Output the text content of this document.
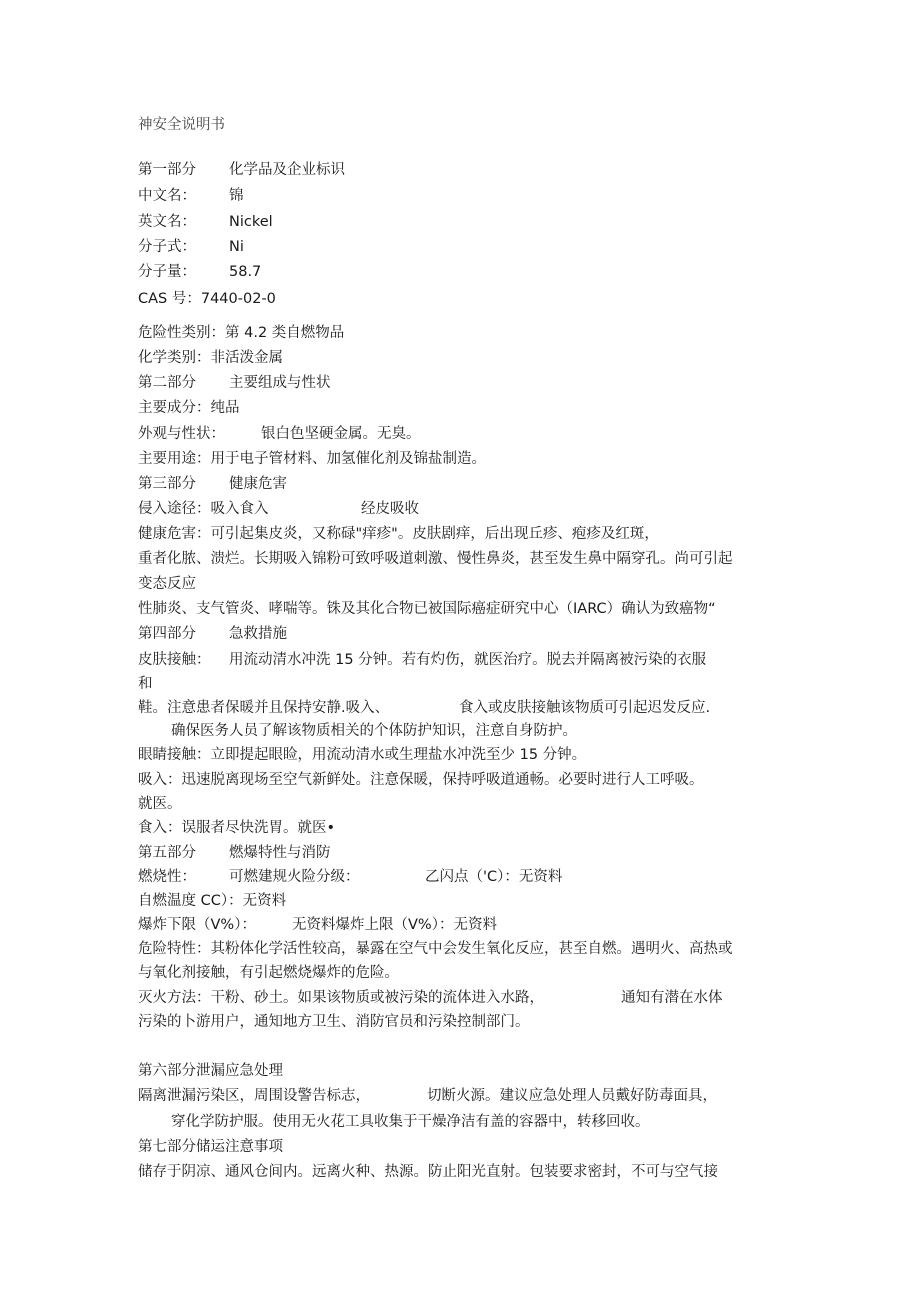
神安全说明书
第一部分 化学品及企业标识
中文名： 锦
英文名： Nickel
分子式： Ni
分子量： 58.7
CAS 号：7440-02-0
危险性类别：第 4.2 类自燃物品
化学类别：非活泼金属
第二部分 主要组成与性状
主要成分：纯品
外观与性状： 银白色坚硬金属。无臭。
主要用途：用于电子管材料、加氢催化剂及锦盐制造。
第三部分 健康危害
侵入途径：吸入食入	经皮吸收
健康危害：可引起集皮炎，又称碌"痒疹"。皮肤剧痒，后出现丘疹、疱疹及红斑，
重者化脓、溃烂。长期吸入锦粉可致呼吸道刺激、慢性鼻炎，甚至发生鼻中隔穿孔。尚可引起
变态反应
性肺炎、支气管炎、哮喘等。铢及其化合物已被国际癌症研究中心（IARC）确认为致癌物“
第四部分 急救措施
皮肤接触： 用流动清水冲洗 15 分钟。若有灼伤，就医治疗。脱去并隔离被污染的衣服
和
鞋。注意患者保暖并且保持安静.吸入、	食入或皮肤接触该物质可引起迟发反应.
确保医务人员了解该物质相关的个体防护知识，注意自身防护。
眼睛接触：立即提起眼睑，用流动清水或生理盐水冲洗至少 15 分钟。
吸入：迅速脱离现场至空气新鲜处。注意保暖，保持呼吸道通畅。必要时进行人工呼吸。
就医。
食入：误服者尽快洗胃。就医•
第五部分 燃爆特性与消防
燃烧性： 可燃建规火险分级：	乙闪点（'C）：无资料
自燃温度 CC）：无资料
爆炸下限（V%）： 无资料爆炸上限（V%）：无资料
危险特性：其粉体化学活性较高，暴露在空气中会发生氧化反应，甚至自燃。遇明火、高热或
与氧化剂接触，有引起燃烧爆炸的危险。
灭火方法：干粉、砂土。如果该物质或被污染的流体进入水路，	通知有潜在水体
污染的卜游用户，通知地方卫生、消防官员和污染控制部门。
第六部分泄漏应急处理
隔离泄漏污染区，周围设警告标志，	切断火源。建议应急处理人员戴好防毒面具，
穿化学防护服。使用无火花工具收集于干燥净洁有盖的容器中，转移回收。
第七部分储运注意事项
储存于阴凉、通风仓间内。远离火种、热源。防止阳光直射。包装要求密封，不可与空气接
